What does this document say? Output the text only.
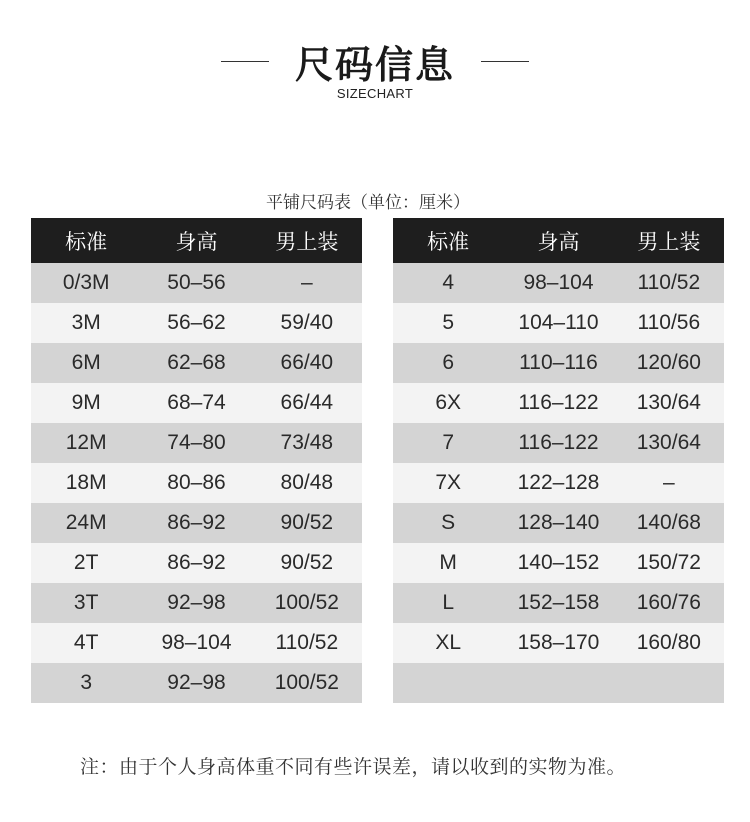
尺码信息
SIZECHART
平铺尺码表（单位：厘米）
标准	身高	男上装
0/3M	50–56	–
3M	56–62	59/40
6M	62–68	66/40
9M	68–74	66/44
12M	74–80	73/48
18M	80–86	80/48
24M	86–92	90/52
2T	86–92	90/52
3T	92–98	100/52
4T	98–104	110/52
3	92–98	100/52
标准	身高	男上装
4	98–104	110/52
5	104–110	110/56
6	110–116	120/60
6X	116–122	130/64
7	116–122	130/64
7X	122–128	–
S	128–140	140/68
M	140–152	150/72
L	152–158	160/76
XL	158–170	160/80

注：由于个人身高体重不同有些许误差，请以收到的实物为准。
